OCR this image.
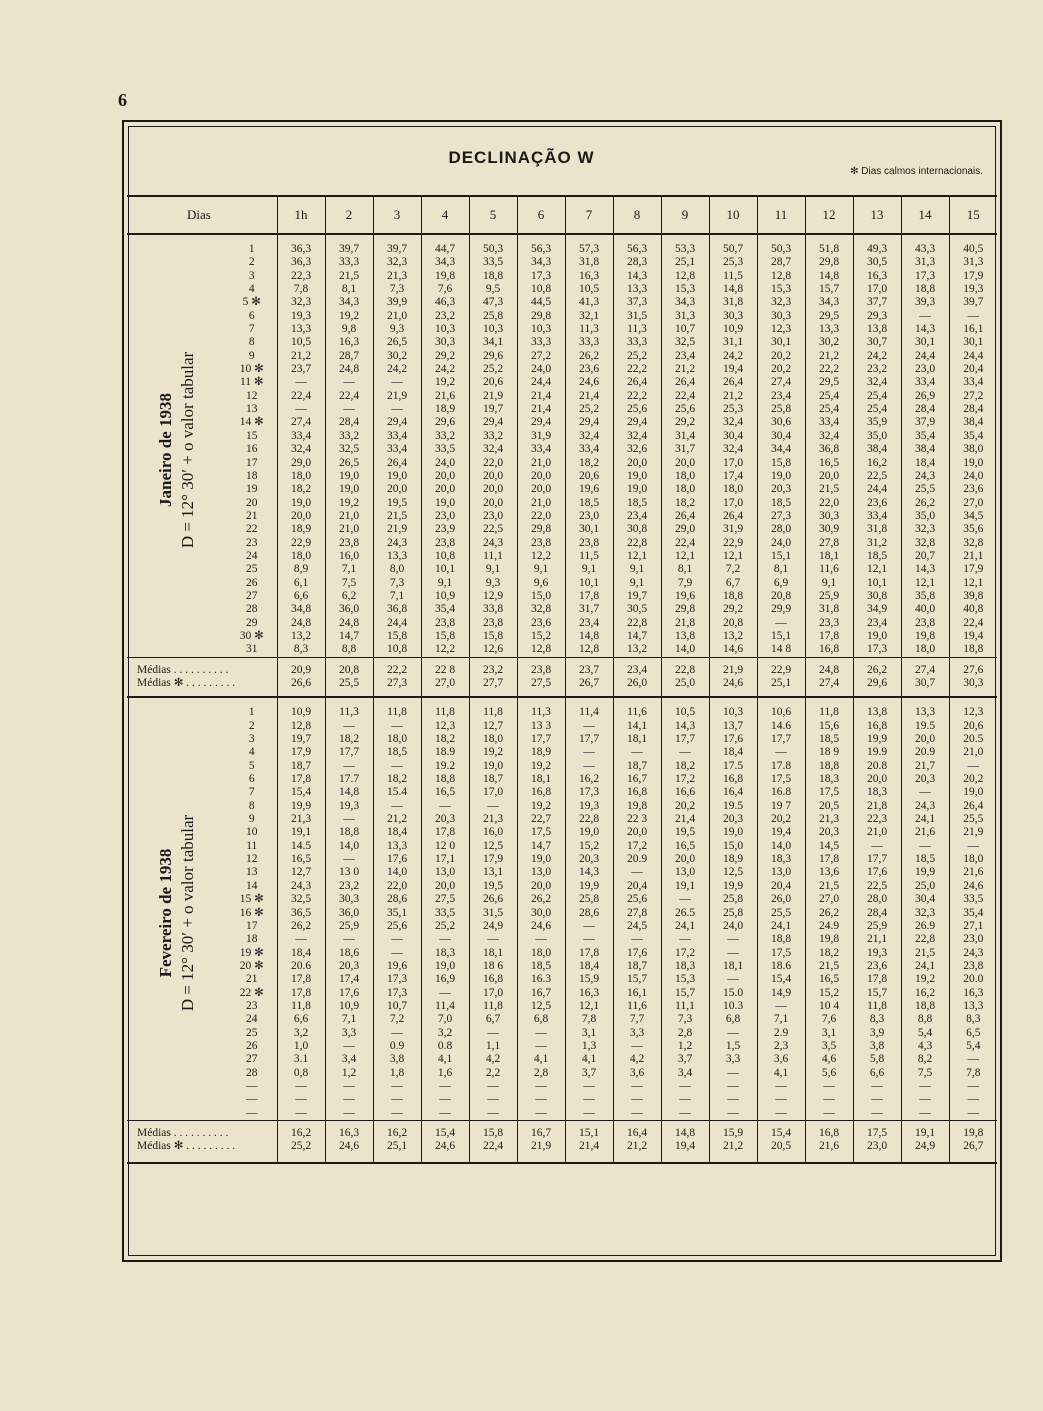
6
DECLINAÇÃO W
✻ Dias calmos internacionais.
Dias		1h	2	3	4	5	6	7	8	9	10	11	12	13	14	15

Janeiro de 1938 D = 12° 30′ + o valor tabular	1	36,3	39,7	39,7	44,7	50,3	56,3	57,3	56,3	53,3	50,7	50,3	51,8	49,3	43,3	40,5
	2	36,3	33,3	32,3	34,3	33,5	34,3	31,8	28,3	25,1	25,3	28,7	29,8	30,5	31,3	31,3
	3	22,3	21,5	21,3	19,8	18,8	17,3	16,3	14,3	12,8	11,5	12,8	14,8	16,3	17,3	17,9
	4	7,8	8,1	7,3	7,6	9,5	10,8	10,5	13,3	15,3	14,8	15,3	15,7	17,0	18,8	19,3
	5 ✻	32,3	34,3	39,9	46,3	47,3	44,5	41,3	37,3	34,3	31,8	32,3	34,3	37,7	39,3	39,7
	6	19,3	19,2	21,0	23,2	25,8	29,8	32,1	31,5	31,3	30,3	30,3	29,5	29,3	—	—
	7	13,3	9,8	9,3	10,3	10,3	10,3	11,3	11,3	10,7	10,9	12,3	13,3	13,8	14,3	16,1
	8	10,5	16,3	26,5	30,3	34,1	33,3	33,3	33,3	32,5	31,1	30,1	30,2	30,7	30,1	30,1
	9	21,2	28,7	30,2	29,2	29,6	27,2	26,2	25,2	23,4	24,2	20,2	21,2	24,2	24,4	24,4
	10 ✻	23,7	24,8	24,2	24,2	25,2	24,0	23,6	22,2	21,2	19,4	20,2	22,2	23,2	23,0	20,4
	11 ✻	—	—	—	19,2	20,6	24,4	24,6	26,4	26,4	26,4	27,4	29,5	32,4	33,4	33,4
	12	22,4	22,4	21,9	21,6	21,9	21,4	21,4	22,2	22,4	21,2	23,4	25,4	25,4	26,9	27,2
	13	—	—	—	18,9	19,7	21,4	25,2	25,6	25,6	25,3	25,8	25,4	25,4	28,4	28,4
	14 ✻	27,4	28,4	29,4	29,6	29,4	29,4	29,4	29,4	29,2	32,4	30,6	33,4	35,9	37,9	38,4
	15	33,4	33,2	33,4	33,2	33,2	31,9	32,4	32,4	31,4	30,4	30,4	32,4	35,0	35,4	35,4
	16	32,4	32,5	33,4	33,5	32,4	33,4	33,4	32,6	31,7	32,4	34,4	36,8	38,4	38,4	38,0
	17	29,0	26,5	26,4	24,0	22,0	21,0	18,2	20,0	20,0	17,0	15,8	16,5	16,2	18,4	19,0
	18	18,0	19,0	19,0	20,0	20,0	20,0	20,6	19,0	18,0	17,4	19,0	20,0	22,5	24,3	24,0
	19	18,2	19,0	20,0	20,0	20,0	20,0	19,6	19,0	18,0	18,0	20,3	21,5	24,4	25,5	23,6
	20	19,0	19,2	19,5	19,0	20,0	21,0	18,5	18,5	18,2	17,0	18,5	22,0	23,6	26,2	27,0
	21	20,0	21,0	21,5	23,0	23,0	22,0	23,0	23,4	26,4	26,4	27,3	30,3	33,4	35,0	34,5
	22	18,9	21,0	21,9	23,9	22,5	29,8	30,1	30,8	29,0	31,9	28,0	30,9	31,8	32,3	35,6
	23	22,9	23,8	24,3	23,8	24,3	23,8	23,8	22,8	22,4	22,9	24,0	27,8	31,2	32,8	32,8
	24	18,0	16,0	13,3	10,8	11,1	12,2	11,5	12,1	12,1	12,1	15,1	18,1	18,5	20,7	21,1
	25	8,9	7,1	8,0	10,1	9,1	9,1	9,1	9,1	8,1	7,2	8,1	11,6	12,1	14,3	17,9
	26	6,1	7,5	7,3	9,1	9,3	9,6	10,1	9,1	7,9	6,7	6,9	9,1	10,1	12,1	12,1
	27	6,6	6,2	7,1	10,9	12,9	15,0	17,8	19,7	19,6	18,8	20,8	25,9	30,8	35,8	39,8
	28	34,8	36,0	36,8	35,4	33,8	32,8	31,7	30,5	29,8	29,2	29,9	31,8	34,9	40,0	40,8
	29	24,8	24,8	24,4	23,8	23,8	23,6	23,4	22,8	21,8	20,8	—	23,3	23,4	23,8	22,4
	30 ✻	13,2	14,7	15,8	15,8	15,8	15,2	14,8	14,7	13,8	13,2	15,1	17,8	19,0	19,8	19,4
	31	8,3	8,8	10,8	12,2	12,6	12,8	12,8	13,2	14,0	14,6	14 8	16,8	17,3	18,0	18,8

Médias . . . . . . . . . .		20,9	20,8	22,2	22 8	23,2	23,8	23,7	23,4	22,8	21,9	22,9	24,8	26,2	27,4	27,6
Médias ✻ . . . . . . . . .		26,6	25,5	27,3	27,0	27,7	27,5	26,7	26,0	25,0	24,6	25,1	27,4	29,6	30,7	30,3

Fevereiro de 1938 D = 12° 30′ + o valor tabular	1	10,9	11,3	11,8	11,8	11,8	11,3	11,4	11,6	10,5	10,3	10,6	11,8	13,8	13,3	12,3
	2	12,8	—	—	12,3	12,7	13 3	—	14,1	14,3	13,7	14.6	15,6	16,8	19.5	20,6
	3	19,7	18,2	18,0	18,2	18,0	17,7	17,7	18,1	17,7	17,6	17,7	18,5	19,9	20,0	20.5
	4	17,9	17,7	18,5	18.9	19,2	18,9	—	—	—	18,4	—	18 9	19.9	20.9	21,0
	5	18,7	—	—	19.2	19,0	19,2	—	18,7	18,2	17.5	17.8	18,8	20.8	21,7	—
	6	17,8	17.7	18,2	18,8	18,7	18,1	16,2	16,7	17,2	16,8	17,5	18,3	20,0	20,3	20,2
	7	15,4	14,8	15.4	16,5	17,0	16,8	17,3	16,8	16,6	16,4	16.8	17,5	18,3	—	19,0
	8	19,9	19,3	—	—	—	19,2	19,3	19,8	20,2	19.5	19 7	20,5	21,8	24,3	26,4
	9	21,3	—	21,2	20,3	21,3	22,7	22,8	22 3	21,4	20,3	20,2	21,3	22,3	24,1	25,5
	10	19,1	18,8	18,4	17,8	16,0	17,5	19,0	20,0	19,5	19,0	19,4	20,3	21,0	21,6	21,9
	11	14.5	14,0	13,3	12 0	12,5	14,7	15,2	17,2	16,5	15,0	14,0	14,5	—	—	—
	12	16,5	—	17,6	17,1	17,9	19,0	20,3	20.9	20,0	18,9	18,3	17,8	17,7	18,5	18,0
	13	12,7	13 0	14,0	13,0	13,1	13,0	14,3	—	13,0	12,5	13,0	13,6	17,6	19,9	21,6
	14	24,3	23,2	22,0	20,0	19,5	20,0	19,9	20,4	19,1	19,9	20,4	21,5	22,5	25,0	24,6
	15 ✻	32,5	30,3	28,6	27,5	26,6	26,2	25,8	25,6	—	25,8	26,0	27,0	28,0	30,4	33,5
	16 ✻	36,5	36,0	35,1	33,5	31,5	30,0	28,6	27,8	26.5	25,8	25,5	26,2	28,4	32,3	35,4
	17	26,2	25,9	25,6	25,2	24,9	24,6	—	24,5	24,1	24,0	24,1	24.9	25,9	26.9	27,1
	18	—	—	—	—	—	—	—	—	—	—	18,8	19,8	21,1	22,8	23,0
	19 ✻	18,4	18,6	—	18,3	18,1	18,0	17,8	17,6	17,2	—	17,5	18,2	19,3	21,5	24,3
	20 ✻	20.6	20,3	19,6	19,0	18 6	18,5	18,4	18,7	18,3	18,1	18.6	21,5	23,6	24,1	23,8
	21	17,8	17,4	17,3	16,9	16,8	16.3	15,9	15,7	15,3	—	15,4	16,5	17,8	19,2	20.0
	22 ✻	17,8	17,6	17,3	—	17,0	16,7	16,3	16,1	15,7	15.0	14,9	15,2	15,7	16,2	16,3
	23	11,8	10,9	10,7	11,4	11,8	12,5	12,1	11,6	11,1	10.3	—	10 4	11,8	18,8	13,3
	24	6,6	7,1	7,2	7,0	6,7	6,8	7,8	7,7	7,3	6,8	7,1	7,6	8,3	8,8	8,3
	25	3,2	3,3	—	3,2	—	—	3,1	3,3	2,8	—	2.9	3,1	3,9	5,4	6,5
	26	1,0	—	0.9	0.8	1,1	—	1,3	—	1,2	1,5	2,3	3,5	3,8	4,3	5,4
	27	3.1	3,4	3,8	4,1	4,2	4,1	4,1	4,2	3,7	3,3	3,6	4,6	5,8	8,2	—
	28	0,8	1,2	1,8	1,6	2,2	2,8	3,7	3,6	3,4	—	4,1	5,6	6,6	7,5	7,8
	—	—	—	—	—	—	—	—	—	—	—	—	—	—	—	—
	—	—	—	—	—	—	—	—	—	—	—	—	—	—	—	—
	—	—	—	—	—	—	—	—	—	—	—	—	—	—	—	—

Médias . . . . . . . . . .		16,2	16,3	16,2	15,4	15,8	16,7	15,1	16,4	14,8	15,9	15,4	16,8	17,5	19,1	19,8
Médias ✻ . . . . . . . . .		25,2	24,6	25,1	24,6	22,4	21,9	21,4	21,2	19,4	21,2	20,5	21,6	23,0	24,9	26,7
